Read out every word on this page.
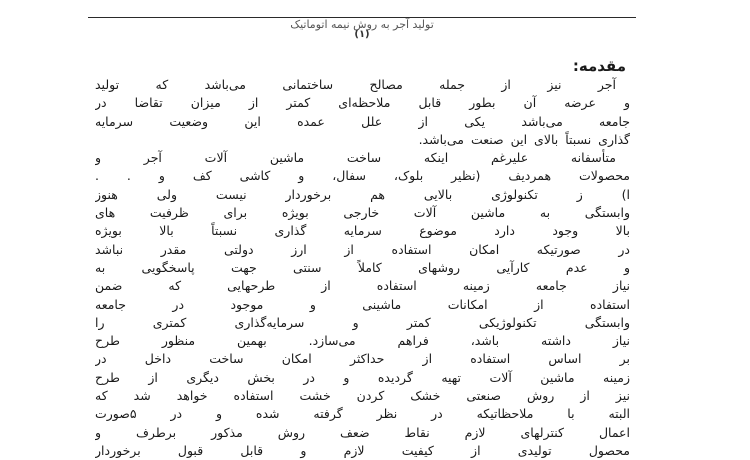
تولید آجر به روش نیمه اتوماتیک
(۱)
مقدمه:
آجر نیز از جمله مصالح ساختمانی می‌باشد که تولید
و عرضه آن بطور قابل ملاحظه‌ای کمتر از میزان تقاضا در
جامعه می‌باشد یکی از علل عمده این وضعیت سرمایه
گذاری نسبتاً بالای این صنعت می‌باشد.
متأسفانه علیرغم اینکه ساخت ماشین آلات آجر و
محصولات همردیف (نظیر بلوک، سفال، و کاشی کف و . .
ا) ز تکنولوژی بالایی هم برخوردار نیست ولی هنوز
وابستگی به ماشین آلات خارجی بویژه برای ظرفیت های
بالا وجود دارد موضوع سرمایه گذاری نسبتاً بالا بویژه
در صورتیکه امکان استفاده از ارز دولتی مقدر نباشد
و عدم کارآیی روشهای کاملاً سنتی جهت پاسخگویی به
نیاز جامعه زمینه استفاده از طرحهایی که ضمن
استفاده از امکانات ماشینی و موجود در جامعه
وابستگی تکنولوژیکی کمتر و سرمایه‌گذاری کمتری را
نیاز داشته باشد، فراهم می‌سازد. بهمین منظور طرح
بر اساس استفاده از حداکثر امکان ساخت داخل در
زمینه ماشین آلات تهیه گردیده و در بخش دیگری از طرح
نیز از روش صنعتی خشک کردن خشت استفاده خواهد شد که
البته با ملاحظاتیکه در نظر گرفته شده و در ۵صورت
اعمال کنترلهای لازم نقاط ضعف روش مذکور برطرف و
محصول تولیدی از کیفیت لازم و قابل قبول برخوردار
